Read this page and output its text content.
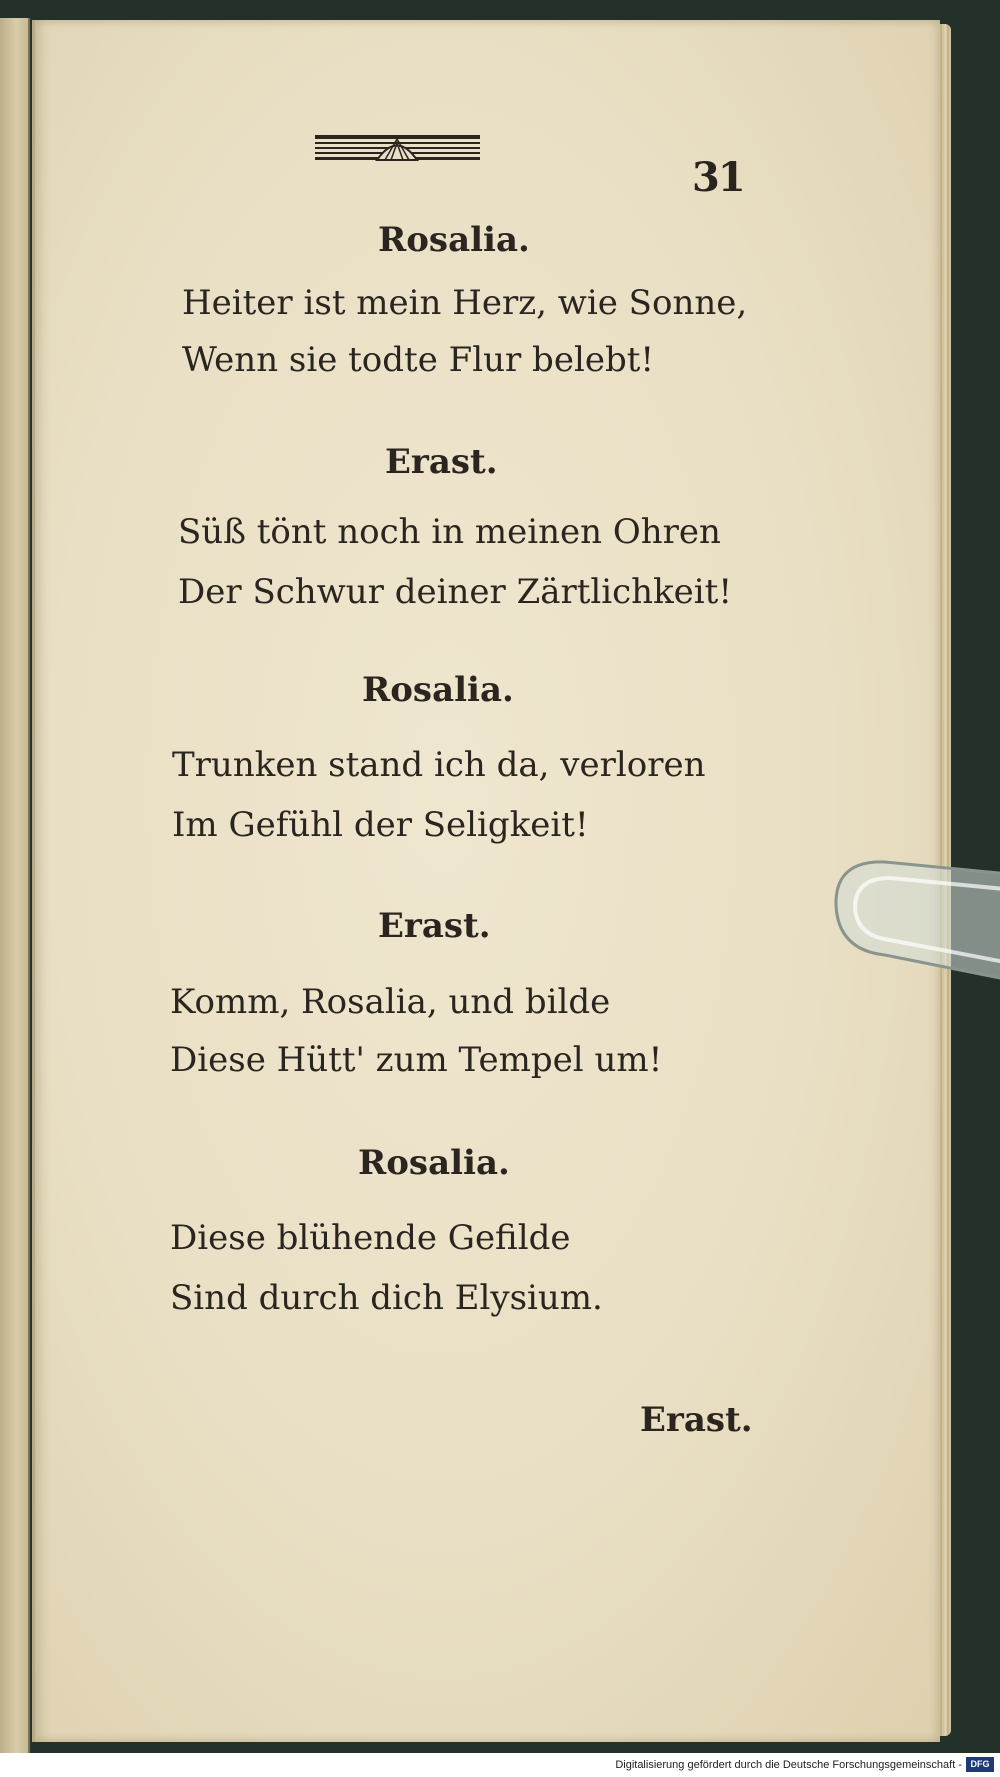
31
Rosalia.
Heiter ist mein Herz, wie Sonne,
Wenn sie todte Flur belebt!
Erast.
Süß tönt noch in meinen Ohren
Der Schwur deiner Zärtlichkeit!
Rosalia.
Trunken stand ich da, verloren
Im Gefühl der Seligkeit!
Erast.
Komm, Rosalia, und bilde
Diese Hütt' zum Tempel um!
Rosalia.
Diese blühende Gefilde
Sind durch dich Elysium.
Erast.
Digitalisierung gefördert durch die Deutsche Forschungsgemeinschaft - DFG
